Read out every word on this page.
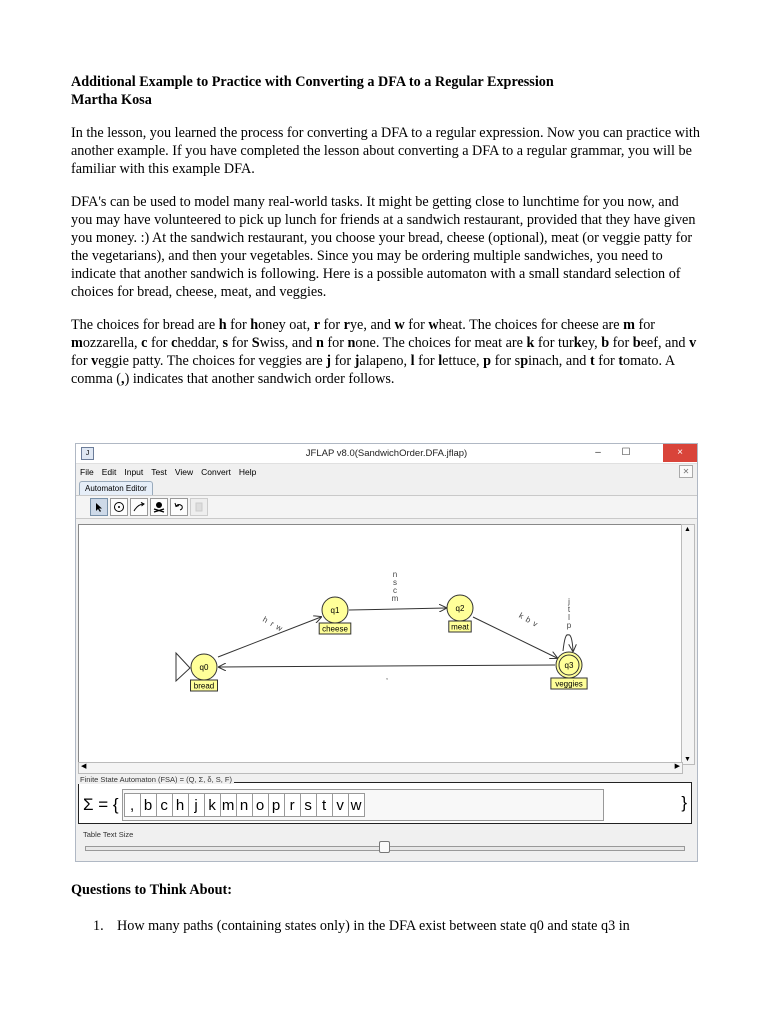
Additional Example to Practice with Converting a DFA to a Regular Expression

Martha Kosa

In the lesson, you learned the process for converting a DFA to a regular expression. Now you can practice with another example. If you have completed the lesson about converting a DFA to a regular grammar, you will be familiar with this example DFA.

DFA's can be used to model many real-world tasks. It might be getting close to lunchtime for you now, and you may have volunteered to pick up lunch for friends at a sandwich restaurant, provided that they have given you money. :) At the sandwich restaurant, you choose your bread, cheese (optional), meat (or veggie patty for the vegetarians), and then your vegetables. Since you may be ordering multiple sandwiches, you need to indicate that another sandwich is following. Here is a possible automaton with a small standard selection of choices for bread, cheese, meat, and veggies.

The choices for bread are h for honey oat, r for rye, and w for wheat. The choices for cheese are m for mozzarella, c for cheddar, s for Swiss, and n for none. The choices for meat are k for turkey, b for beef, and v for veggie patty. The choices for veggies are j for jalapeno, l for lettuce, p for spinach, and t for tomato. A comma (,) indicates that another sandwich order follows.

J	JFLAP v8.0(SandwichOrder.DFA.jflap)	–	☐	×
File Edit Input Test View Convert Help	✕
Automaton Editor
h r
w
n
s
c
m
k
b
v
j
t
l
p
,
q0
bread
q1
cheese
q2
meat
q3
veggies
▲
▼
◀	▶
Σ = { , b c h j k m n o p r s t v w	}
Finite State Automaton (FSA) = (Q, Σ, δ, S, F)
Table Text Size
Questions to Think About:
1. How many paths (containing states only) in the DFA exist between state q0 and state q3 in
